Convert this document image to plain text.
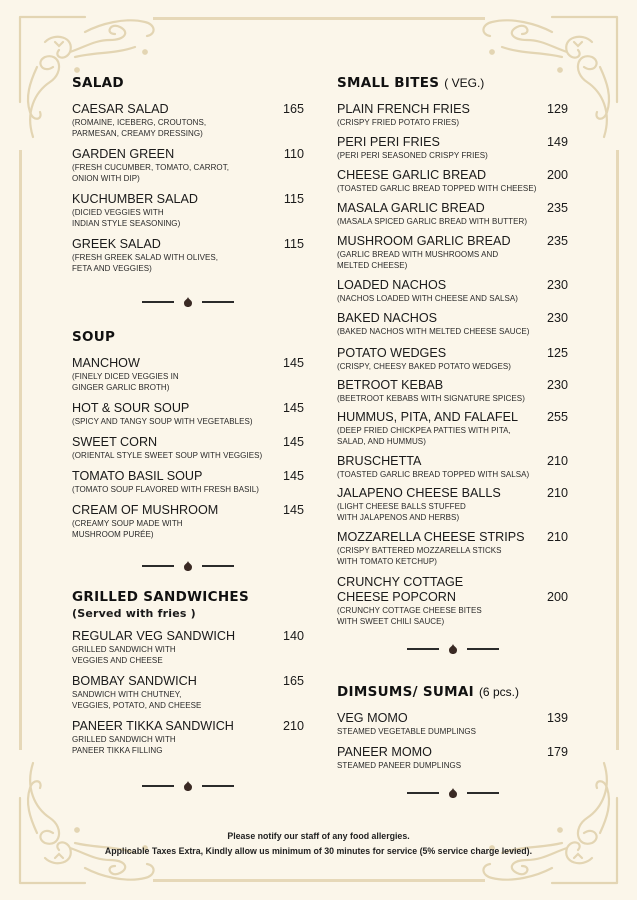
SALAD
CAESAR SALAD
(ROMAINE, ICEBERG, CROUTONS, PARMESAN, CREAMY DRESSING)
165
GARDEN GREEN
(FRESH CUCUMBER, TOMATO, CARROT, ONION WITH DIP)
110
KUCHUMBER SALAD
(DICIED VEGGIES WITH INDIAN STYLE SEASONING)
115
GREEK SALAD
(FRESH GREEK SALAD WITH OLIVES, FETA AND VEGGIES)
115
SOUP
MANCHOW
(FINELY DICED VEGGIES IN GINGER GARLIC BROTH)
145
HOT & SOUR SOUP
(SPICY AND TANGY SOUP WITH VEGETABLES)
145
SWEET CORN
(ORIENTAL STYLE SWEET SOUP WITH VEGGIES)
145
TOMATO BASIL SOUP
(TOMATO SOUP FLAVORED WITH FRESH BASIL)
145
CREAM OF MUSHROOM
(CREAMY SOUP MADE WITH MUSHROOM PURÉE)
145
GRILLED SANDWICHES
(Served with fries )
REGULAR VEG SANDWICH
GRILLED SANDWICH WITH VEGGIES AND CHEESE
140
BOMBAY SANDWICH
SANDWICH WITH CHUTNEY, VEGGIES, POTATO, AND CHEESE
165
PANEER TIKKA SANDWICH
GRILLED SANDWICH WITH PANEER TIKKA FILLING
210
SMALL BITES ( VEG.)
PLAIN FRENCH FRIES
(CRISPY FRIED POTATO FRIES)
129
PERI PERI FRIES
(PERI PERI SEASONED CRISPY FRIES)
149
CHEESE GARLIC BREAD
(TOASTED GARLIC BREAD TOPPED WITH CHEESE)
200
MASALA GARLIC BREAD
(MASALA SPICED GARLIC BREAD WITH BUTTER)
235
MUSHROOM GARLIC BREAD
(GARLIC BREAD WITH MUSHROOMS AND MELTED CHEESE)
235
LOADED NACHOS
(NACHOS LOADED WITH CHEESE AND SALSA)
230
BAKED NACHOS
(BAKED NACHOS WITH MELTED CHEESE SAUCE)
230
POTATO WEDGES
(CRISPY, CHEESY BAKED POTATO WEDGES)
125
BETROOT KEBAB
(BEETROOT KEBABS WITH SIGNATURE SPICES)
230
HUMMUS, PITA, AND FALAFEL
(DEEP FRIED CHICKPEA PATTIES WITH PITA, SALAD, AND HUMMUS)
255
BRUSCHETTA
(TOASTED GARLIC BREAD TOPPED WITH SALSA)
210
JALAPENO CHEESE BALLS
(LIGHT CHEESE BALLS STUFFED WITH JALAPENOS AND HERBS)
210
MOZZARELLA CHEESE STRIPS
(CRISPY BATTERED MOZZARELLA STICKS WITH TOMATO KETCHUP)
210
CRUNCHY COTTAGE CHEESE POPCORN
(CRUNCHY COTTAGE CHEESE BITES WITH SWEET CHILI SAUCE)
200
DIMSUMS/ SUMAI (6 pcs.)
VEG MOMO
STEAMED VEGETABLE DUMPLINGS
139
PANEER MOMO
STEAMED PANEER DUMPLINGS
179
Please notify our staff of any food allergies.
Applicable Taxes Extra, Kindly allow us minimum of 30 minutes for service (5% service charge levied).
